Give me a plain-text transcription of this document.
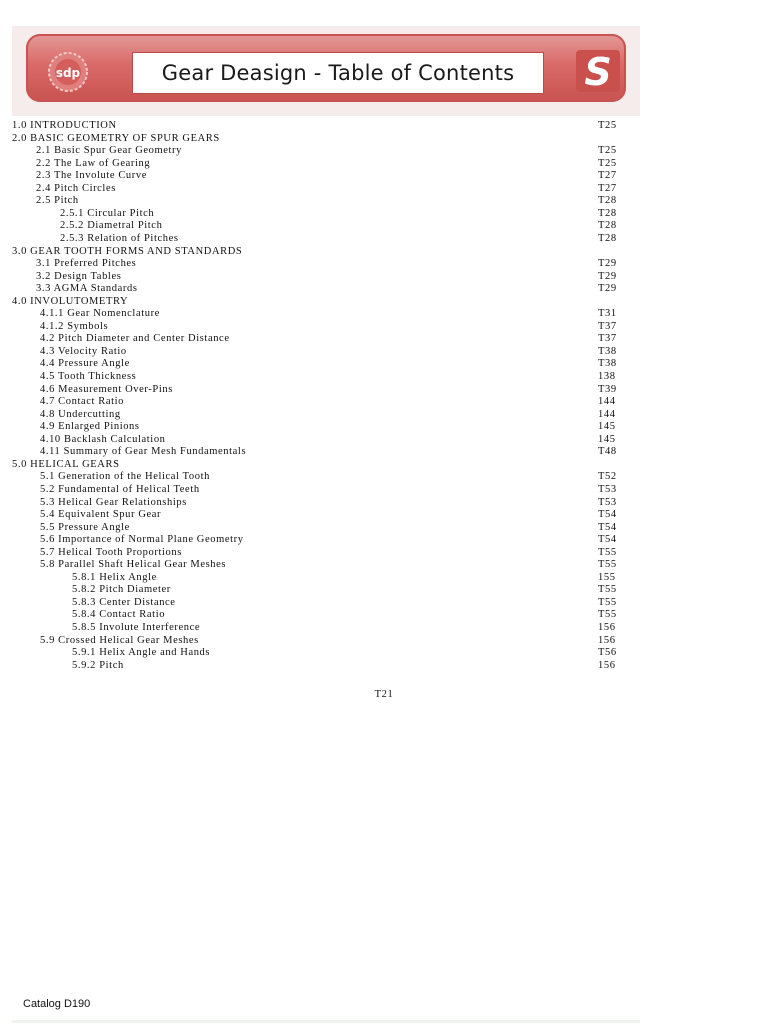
sdp	Gear Deasign - Table of Contents	S
1.0 INTRODUCTION	T25
2.0 BASIC GEOMETRY OF SPUR GEARS
2.1 Basic Spur Gear Geometry	T25
2.2 The Law of Gearing	T25
2.3 The Involute Curve	T27
2.4 Pitch Circles	T27
2.5 Pitch	T28
2.5.1 Circular Pitch	T28
2.5.2 Diametral Pitch	T28
2.5.3 Relation of Pitches	T28
3.0 GEAR TOOTH FORMS AND STANDARDS
3.1 Preferred Pitches	T29
3.2 Design Tables	T29
3.3 AGMA Standards	T29
4.0 INVOLUTOMETRY
4.1.1 Gear Nomenclature	T31
4.1.2 Symbols	T37
4.2 Pitch Diameter and Center Distance	T37
4.3 Velocity Ratio	T38
4.4 Pressure Angle	T38
4.5 Tooth Thickness	138
4.6 Measurement Over-Pins	T39
4.7 Contact Ratio	144
4.8 Undercutting	144
4.9 Enlarged Pinions	145
4.10 Backlash Calculation	145
4.11 Summary of Gear Mesh Fundamentals	T48
5.0 HELICAL GEARS
5.1 Generation of the Helical Tooth	T52
5.2 Fundamental of Helical Teeth	T53
5.3 Helical Gear Relationships	T53
5.4 Equivalent Spur Gear	T54
5.5 Pressure Angle	T54
5.6 Importance of Normal Plane Geometry	T54
5.7 Helical Tooth Proportions	T55
5.8 Parallel Shaft Helical Gear Meshes	T55
5.8.1 Helix Angle	155
5.8.2 Pitch Diameter	T55
5.8.3 Center Distance	T55
5.8.4 Contact Ratio	T55
5.8.5 Involute Interference	156
5.9 Crossed Helical Gear Meshes	156
5.9.1 Helix Angle and Hands	T56
5.9.2 Pitch	156
T21
Catalog D190
